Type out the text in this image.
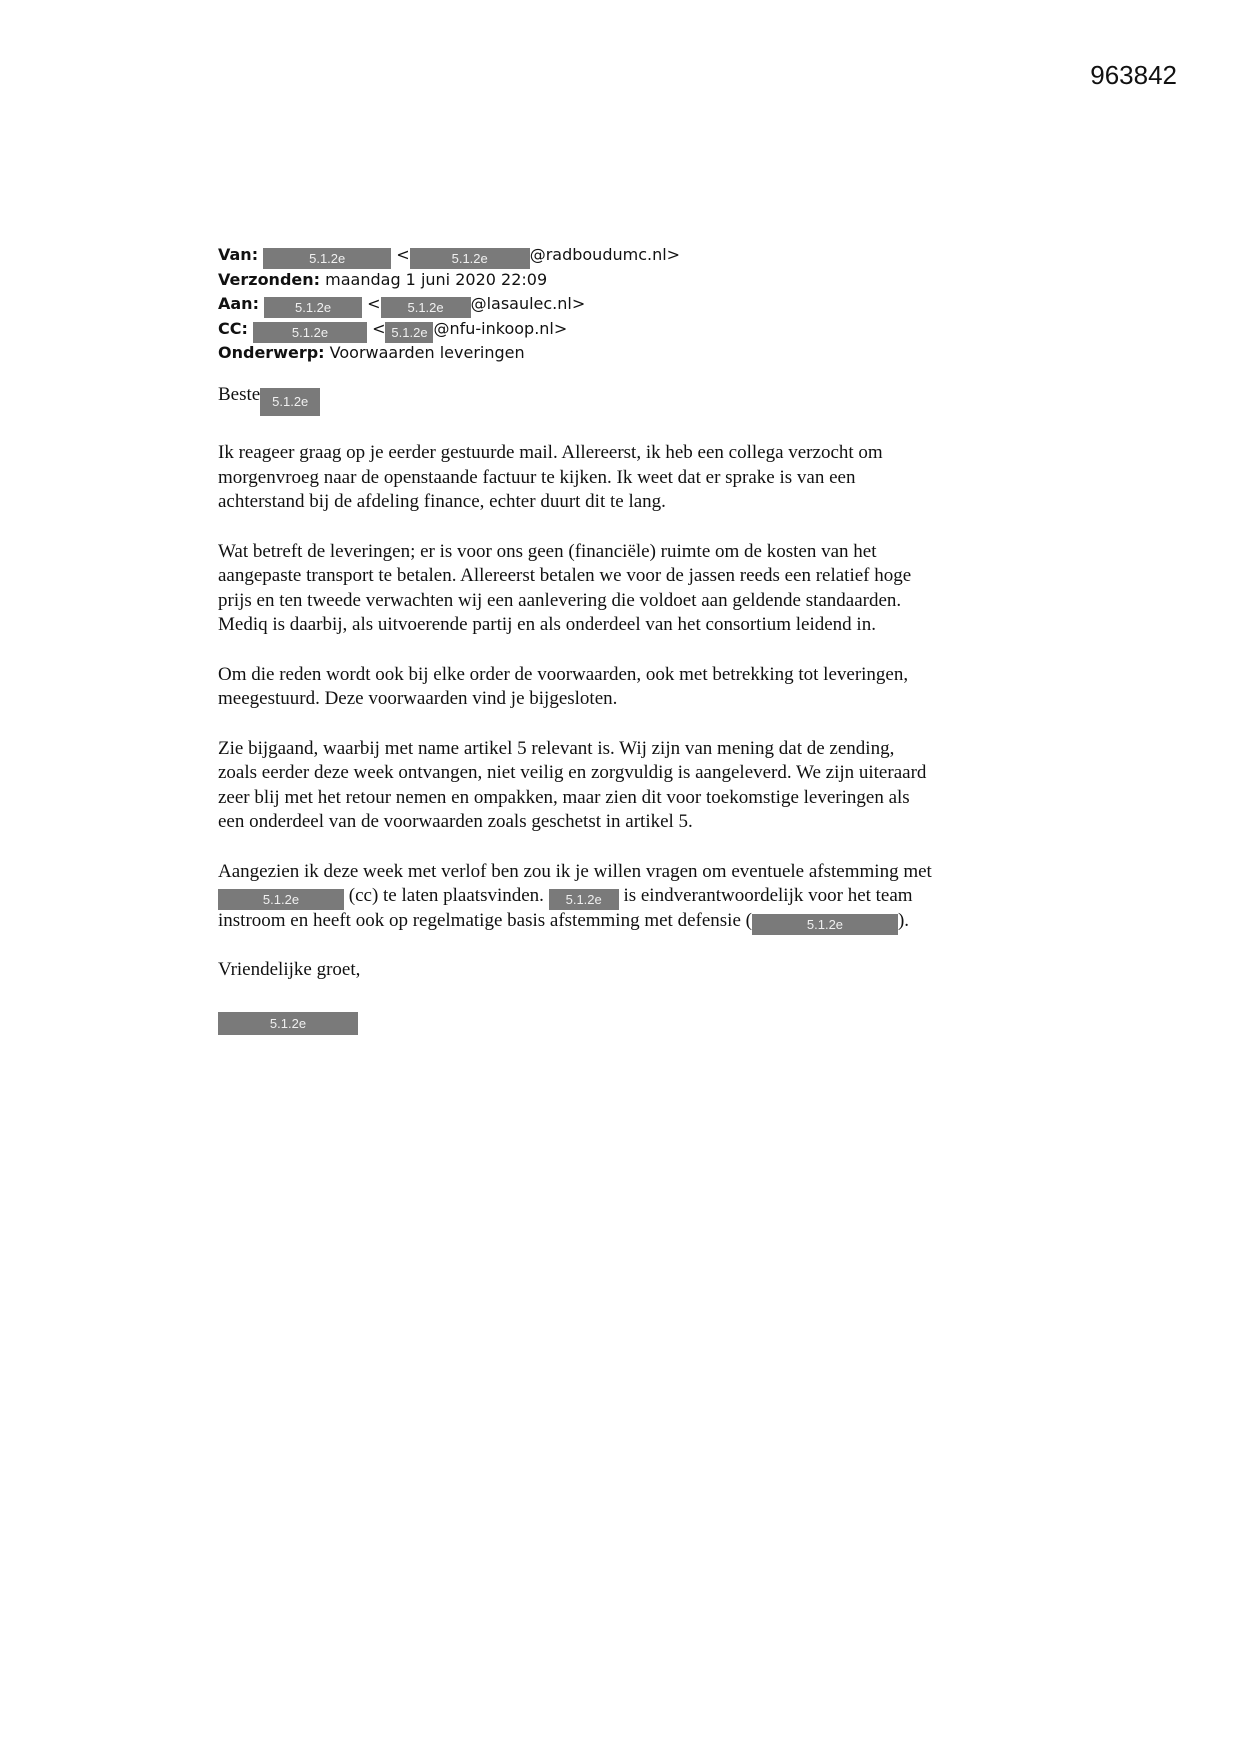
963842
Van:	5.1.2e	<	5.1.2e	@radboudumc.nl>
Verzonden: maandag 1 juni 2020 22:09
Aan:	5.1.2e < 5.1.2e @lasaulec.nl>
CC:	5.1.2e	< 5.1.2e @nfu-inkoop.nl>
Onderwerp: Voorwaarden leveringen

Beste 5.1.2e

Ik reageer graag op je eerder gestuurde mail. Allereerst, ik heb een collega verzocht om
morgenvroeg naar de openstaande factuur te kijken. Ik weet dat er sprake is van een
achterstand bij de afdeling finance, echter duurt dit te lang.

Wat betreft de leveringen; er is voor ons geen (financiële) ruimte om de kosten van het
aangepaste transport te betalen. Allereerst betalen we voor de jassen reeds een relatief hoge
prijs en ten tweede verwachten wij een aanlevering die voldoet aan geldende standaarden.
Mediq is daarbij, als uitvoerende partij en als onderdeel van het consortium leidend in.

Om die reden wordt ook bij elke order de voorwaarden, ook met betrekking tot leveringen,
meegestuurd. Deze voorwaarden vind je bijgesloten.

Zie bijgaand, waarbij met name artikel 5 relevant is. Wij zijn van mening dat de zending,
zoals eerder deze week ontvangen, niet veilig en zorgvuldig is aangeleverd. We zijn uiteraard
zeer blij met het retour nemen en ompakken, maar zien dit voor toekomstige leveringen als
een onderdeel van de voorwaarden zoals geschetst in artikel 5.

Aangezien ik deze week met verlof ben zou ik je willen vragen om eventuele afstemming met
5.1.2e (cc) te laten plaatsvinden. 5.1.2e is eindverantwoordelijk voor het team
instroom en heeft ook op regelmatige basis afstemming met defensie (	5.1.2e	).

Vriendelijke groet,

5.1.2e
